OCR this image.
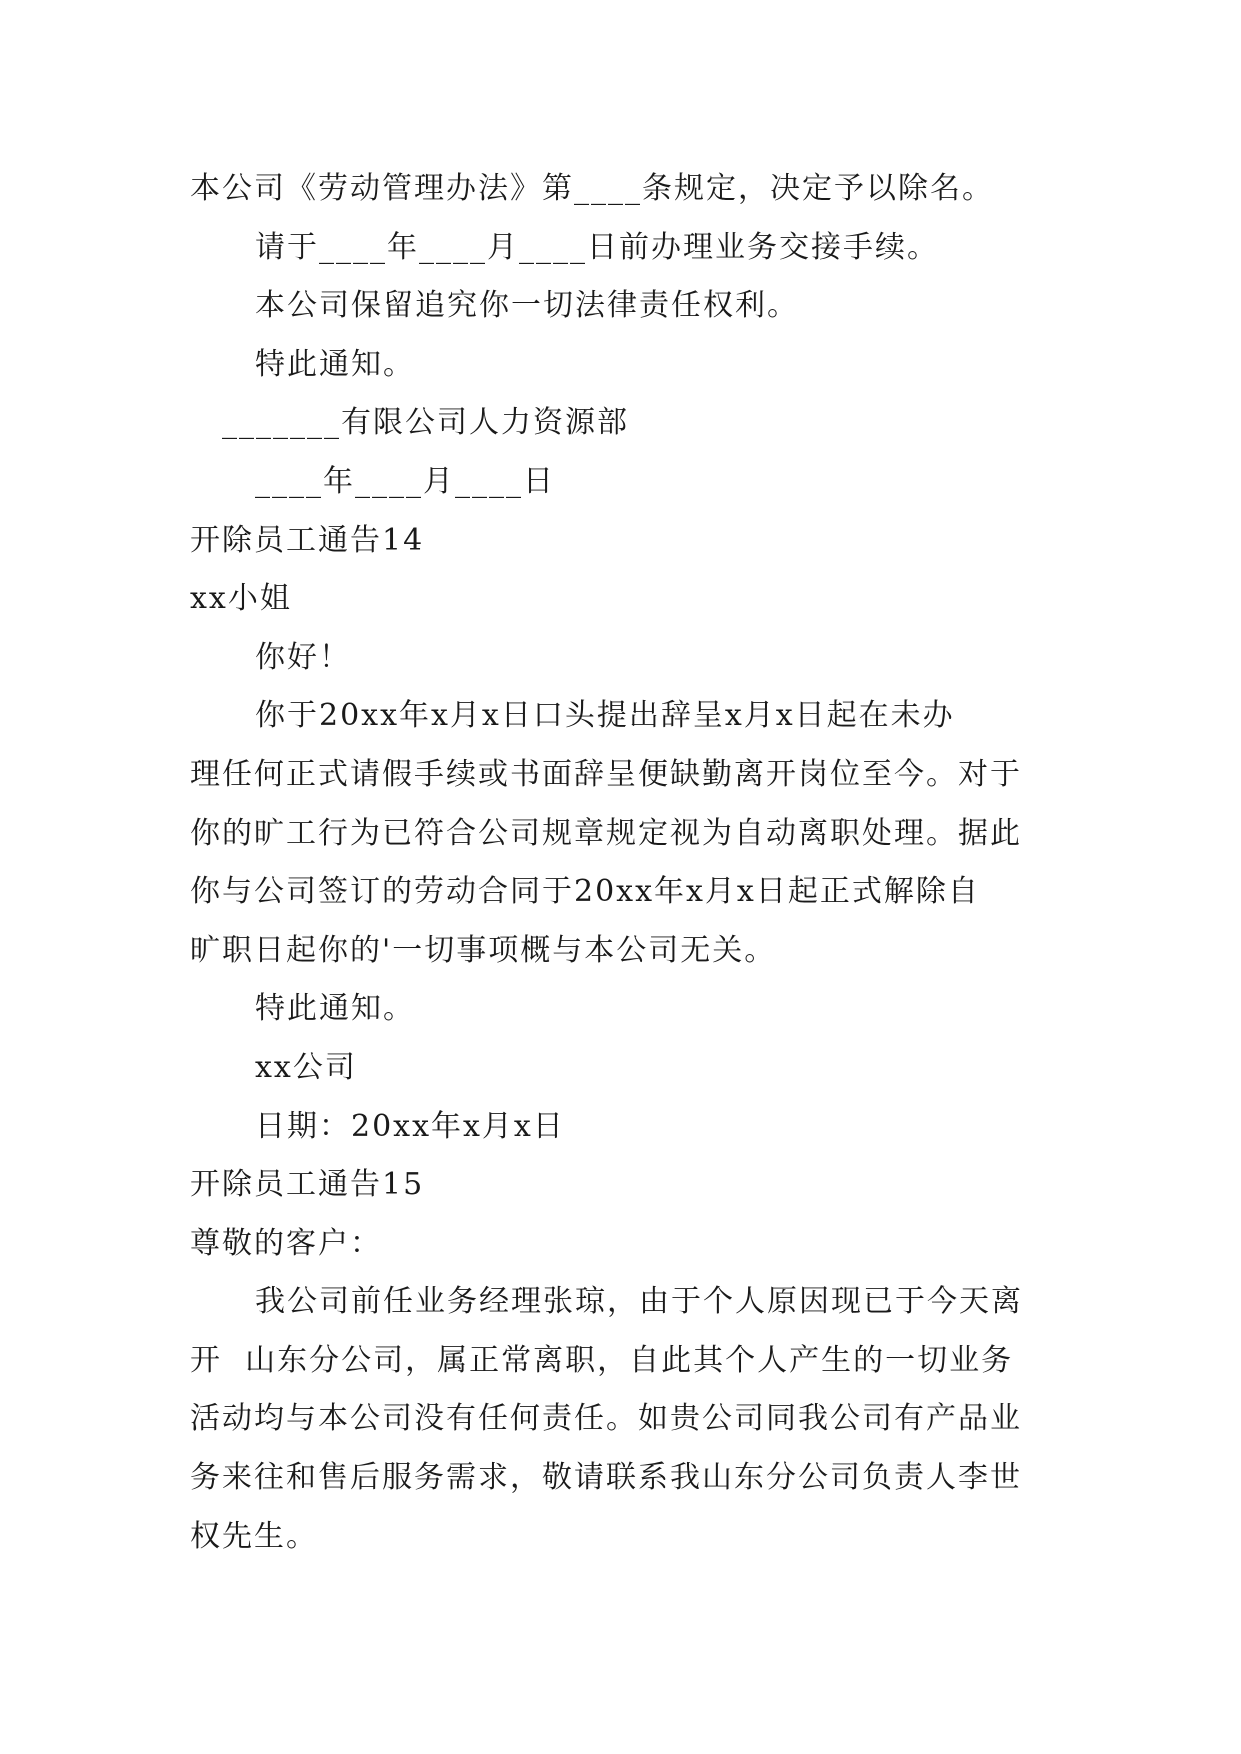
本公司《劳动管理办法》第____条规定，决定予以除名。
请于____年____月____日前办理业务交接手续。
本公司保留追究你一切法律责任权利。
特此通知。
_______有限公司人力资源部
____年____月____日
开除员工通告14
xx小姐
你好！
你于20xx年x月x日口头提出辞呈x月x日起在未办
理任何正式请假手续或书面辞呈便缺勤离开岗位至今。对于
你的旷工行为已符合公司规章规定视为自动离职处理。据此
你与公司签订的劳动合同于20xx年x月x日起正式解除自
旷职日起你的'一切事项概与本公司无关。
特此通知。
xx公司
日期：20xx年x月x日
开除员工通告15
尊敬的客户：
我公司前任业务经理张琼，由于个人原因现已于今天离
开  山东分公司，属正常离职，自此其个人产生的一切业务
活动均与本公司没有任何责任。如贵公司同我公司有产品业
务来往和售后服务需求，敬请联系我山东分公司负责人李世
权先生。
